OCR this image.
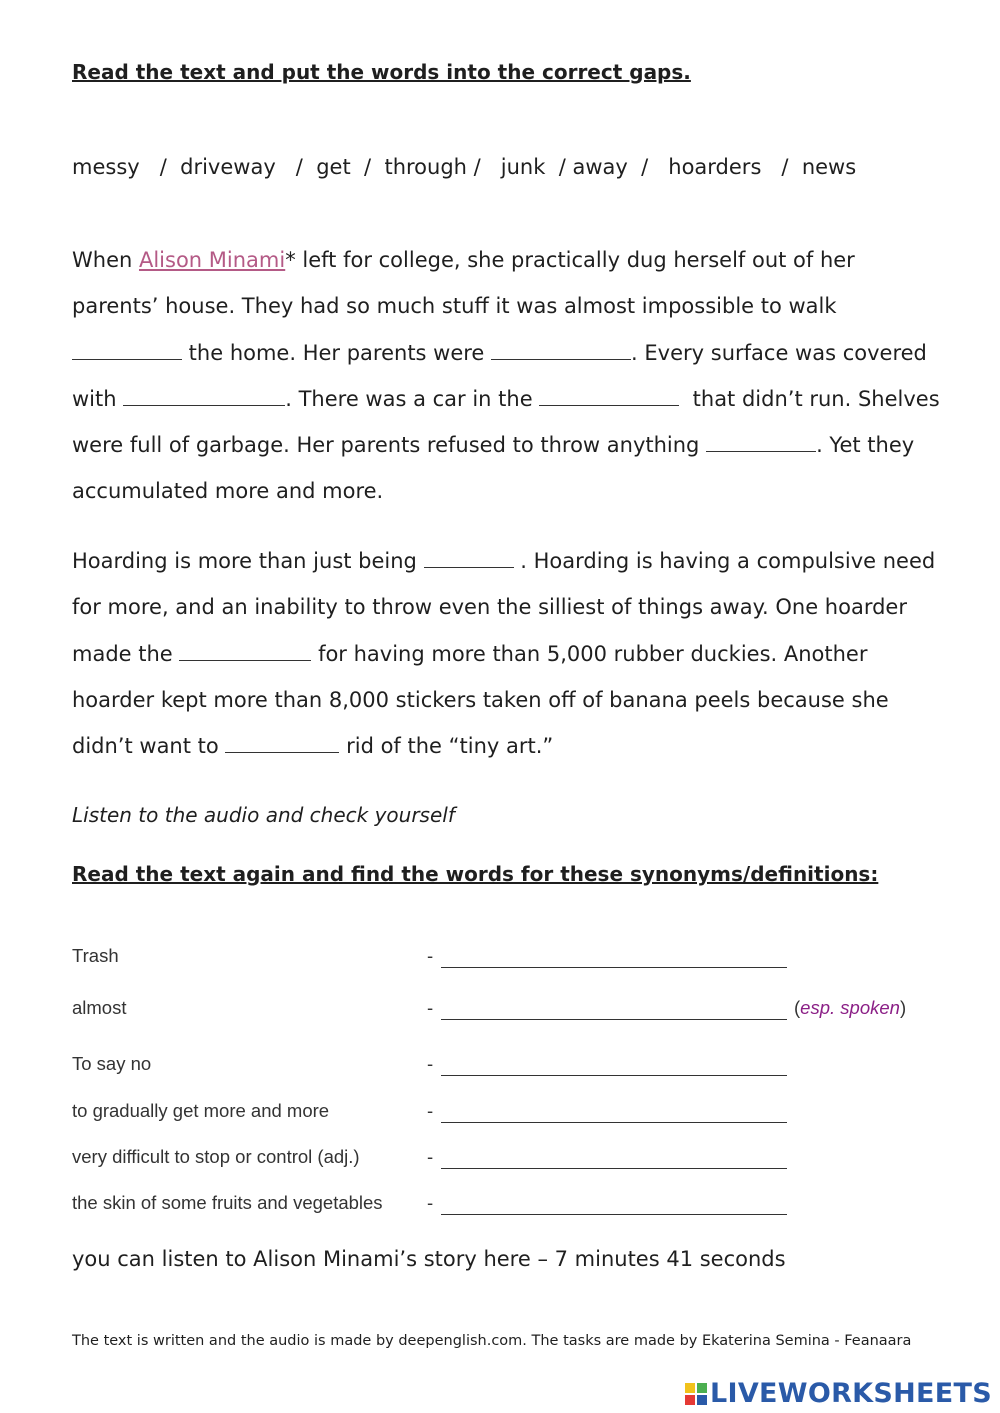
Read the text and put the words into the correct gaps.
messy   /  driveway   /  get  /  through /   junk  / away  /   hoarders   /  news
When Alison Minami* left for college, she practically dug herself out of her
parents’ house. They had so much stuff it was almost impossible to walk
the home. Her parents were	. Every surface was covered
with	. There was a car in the	that didn’t run. Shelves
were full of garbage. Her parents refused to throw anything	. Yet they
accumulated more and more.
Hoarding is more than just being	. Hoarding is having a compulsive need
for more, and an inability to throw even the silliest of things away. One hoarder
made the	for having more than 5,000 rubber duckies. Another
hoarder kept more than 8,000 stickers taken off of banana peels because she
didn’t want to	rid of the “tiny art.”
Listen to the audio and check yourself
Read the text again and find the words for these synonyms/definitions:
Trash	-
almost	-	(esp. spoken)
To say no	-
to gradually get more and more	-
very difficult to stop or control (adj.)	-
the skin of some fruits and vegetables -
you can listen to Alison Minami’s story here – 7 minutes 41 seconds
The text is written and the audio is made by deepenglish.com. The tasks are made by Ekaterina Semina - Feanaara
LIVEWORKSHEETS
